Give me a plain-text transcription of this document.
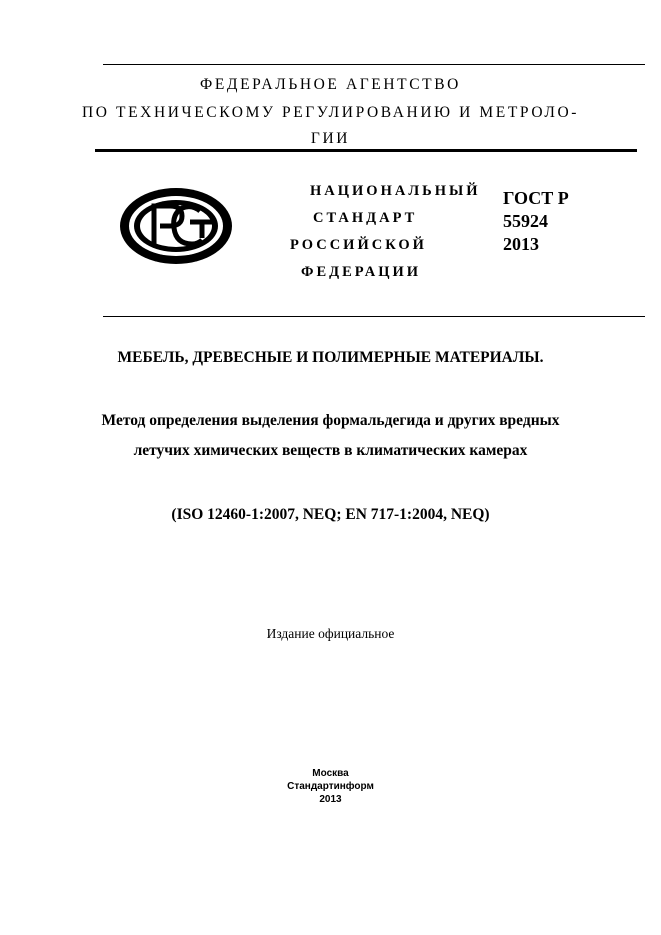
ФЕДЕРАЛЬНОЕ АГЕНТСТВО
ПО ТЕХНИЧЕСКОМУ РЕГУЛИРОВАНИЮ И МЕТРОЛО-
ГИИ
НАЦИОНАЛЬНЫЙ
СТАНДАРТ
РОССИЙСКОЙ
ФЕДЕРАЦИИ
ГОСТ Р
55924
2013
МЕБЕЛЬ, ДРЕВЕСНЫЕ И ПОЛИМЕРНЫЕ МАТЕРИАЛЫ.
Метод определения выделения формальдегида и других вредных
летучих химических веществ в климатических камерах
(ISO 12460-1:2007, NEQ; EN 717-1:2004, NEQ)
Издание официальное
Москва
Стандартинформ
2013
